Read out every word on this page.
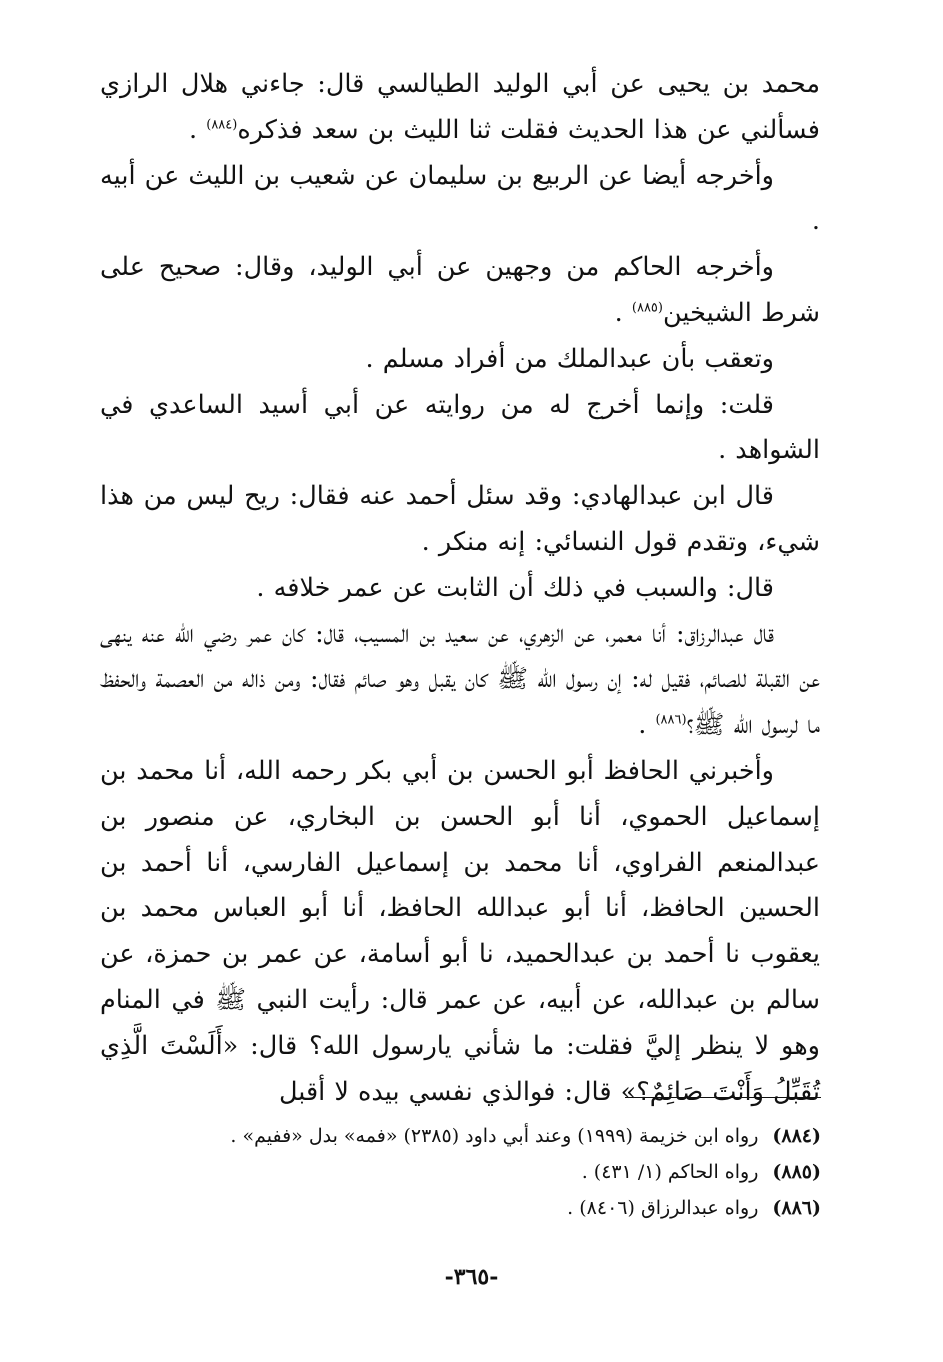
محمد بن يحيى عن أبي الوليد الطيالسي قال: جاءني هلال الرازي فسألني عن هذا الحديث فقلت ثنا الليث بن سعد فذكره$^{(٨٨٤)}$ .

وأخرجه أيضا عن الربيع بن سليمان عن شعيب بن الليث عن أبيه .

وأخرجه الحاكم من وجهين عن أبي الوليد، وقال: صحيح على شرط الشيخين$^{(٨٨٥)}$ .

وتعقب بأن عبدالملك من أفراد مسلم .

قلت: وإنما أخرج له من روايته عن أبي أسيد الساعدي في الشواهد .

قال ابن عبدالهادي: وقد سئل أحمد عنه فقال: ريح ليس من هذا شيء، وتقدم قول النسائي: إنه منكر .

قال: والسبب في ذلك أن الثابت عن عمر خلافه .

قال عبدالرزاق: أنا معمر، عن الزهري، عن سعيد بن المسيب، قال: كان عمر رضي الله عنه ينهى عن القبلة للصائم، فقيل له: إن رسول الله ﷺ كان يقبل وهو صائم فقال: ومن ذاله من العصمة والحفظ ما لرسول الله ﷺ؟$^{(٨٨٦)}$ .

وأخبرني الحافظ أبو الحسن بن أبي بكر رحمه الله، أنا محمد بن إسماعيل الحموي، أنا أبو الحسن بن البخاري، عن منصور بن عبدالمنعم الفراوي، أنا محمد بن إسماعيل الفارسي، أنا أحمد بن الحسين الحافظ، أنا أبو عبدالله الحافظ، أنا أبو العباس محمد بن يعقوب نا أحمد بن عبدالحميد، نا أبو أسامة، عن عمر بن حمزة، عن سالم بن عبدالله، عن أبيه، عن عمر قال: رأيت النبي ﷺ في المنام وهو لا ينظر إليَّ فقلت: ما شأني يارسول الله؟ قال: «أَلَسْتَ الَّذِي تُقَبِّلُ وَأَنْتَ صَائِمٌ؟» قال: فوالذي نفسي بيده لا أقبل

(٨٨٤)رواه ابن خزيمة (١٩٩٩) وعند أبي داود (٢٣٨٥) «فمه» بدل «ففيم» .

(٨٨٥)رواه الحاكم (١/ ٤٣١) .

(٨٨٦)رواه عبدالرزاق (٨٤٠٦) .

-٣٦٥-
